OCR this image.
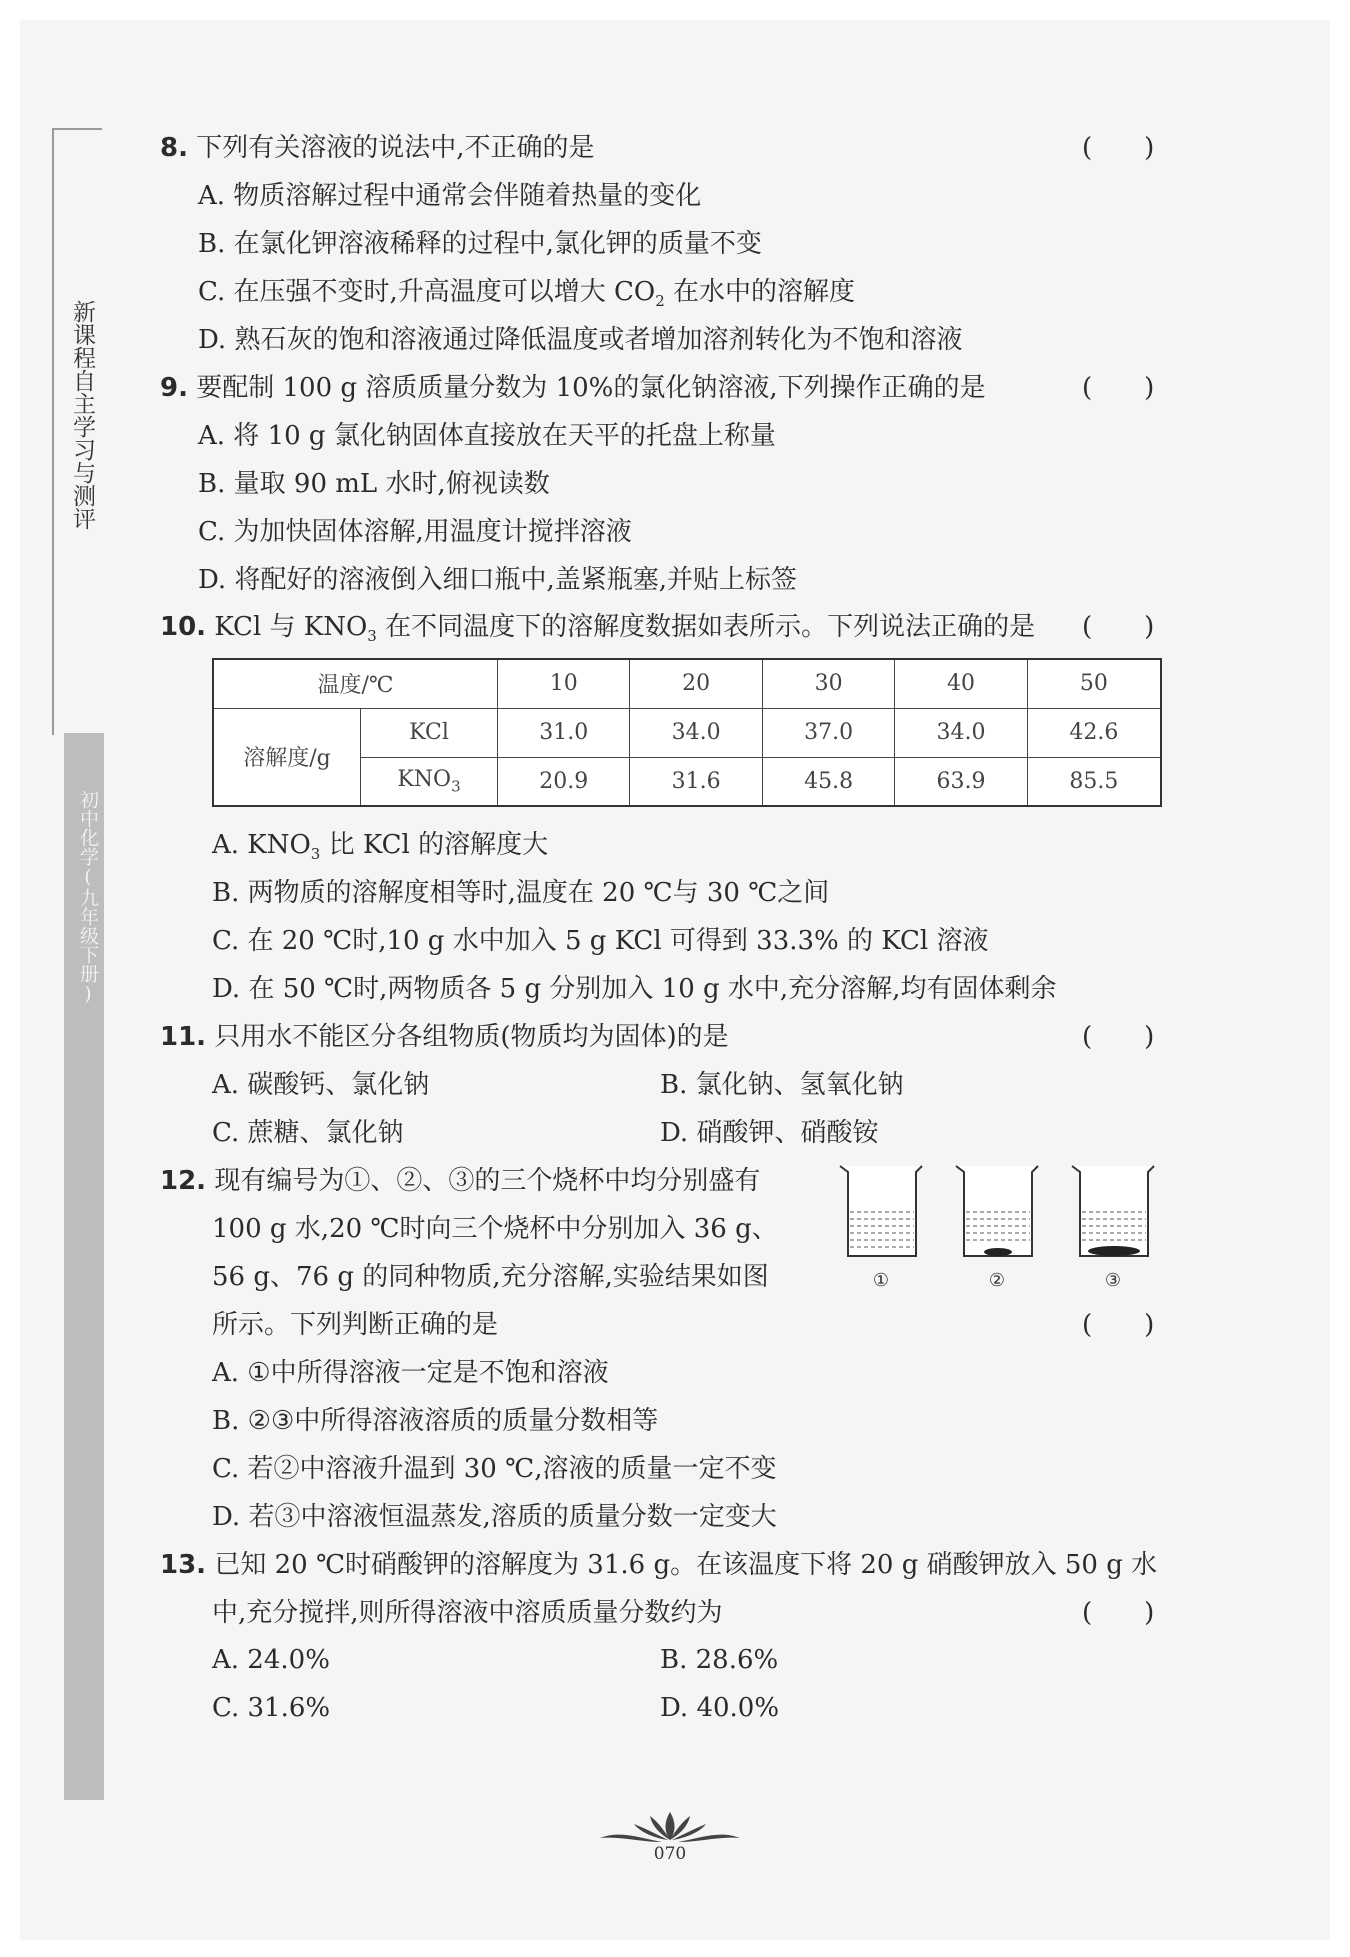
新课程自主学习与测评
初中化学(九年级下册)
8. 下列有关溶液的说法中,不正确的是	(　　)
A. 物质溶解过程中通常会伴随着热量的变化
B. 在氯化钾溶液稀释的过程中,氯化钾的质量不变
C. 在压强不变时,升高温度可以增大 $CO_2$ 在水中的溶解度
D. 熟石灰的饱和溶液通过降低温度或者增加溶剂转化为不饱和溶液
9. 要配制 100 g 溶质质量分数为 10%的氯化钠溶液,下列操作正确的是	(　　)
A. 将 10 g 氯化钠固体直接放在天平的托盘上称量
B. 量取 90 mL 水时,俯视读数
C. 为加快固体溶解,用温度计搅拌溶液
D. 将配好的溶液倒入细口瓶中,盖紧瓶塞,并贴上标签
10. KCl 与 $KNO_3$ 在不同温度下的溶解度数据如表所示。下列说法正确的是 (　　)
温度/℃		10	20	30	40	50
溶解度/g	KCl	31.0	34.0	37.0	34.0	42.6
	$KNO_3$	20.9	31.6	45.8	63.9	85.5
A. $KNO_3$ 比 KCl 的溶解度大
B. 两物质的溶解度相等时,温度在 20 ℃与 30 ℃之间
C. 在 20 ℃时,10 g 水中加入 5 g KCl 可得到 33.3% 的 KCl 溶液
D. 在 50 ℃时,两物质各 5 g 分别加入 10 g 水中,充分溶解,均有固体剩余
11. 只用水不能区分各组物质(物质均为固体)的是	(　　)
A. 碳酸钙、氯化钠	B. 氯化钠、氢氧化钠
C. 蔗糖、氯化钠	D. 硝酸钾、硝酸铵
12. 现有编号为①、②、③的三个烧杯中均分别盛有
100 g 水,20 ℃时向三个烧杯中分别加入 36 g、
56 g、76 g 的同种物质,充分溶解,实验结果如图
所示。下列判断正确的是	(　　)
①	②	③
A. ①中所得溶液一定是不饱和溶液
B. ②③中所得溶液溶质的质量分数相等
C. 若②中溶液升温到 30 ℃,溶液的质量一定不变
D. 若③中溶液恒温蒸发,溶质的质量分数一定变大
13. 已知 20 ℃时硝酸钾的溶解度为 31.6 g。在该温度下将 20 g 硝酸钾放入 50 g 水
中,充分搅拌,则所得溶液中溶质质量分数约为	(　　)
A. 24.0%	B. 28.6%
C. 31.6%	D. 40.0%
070
